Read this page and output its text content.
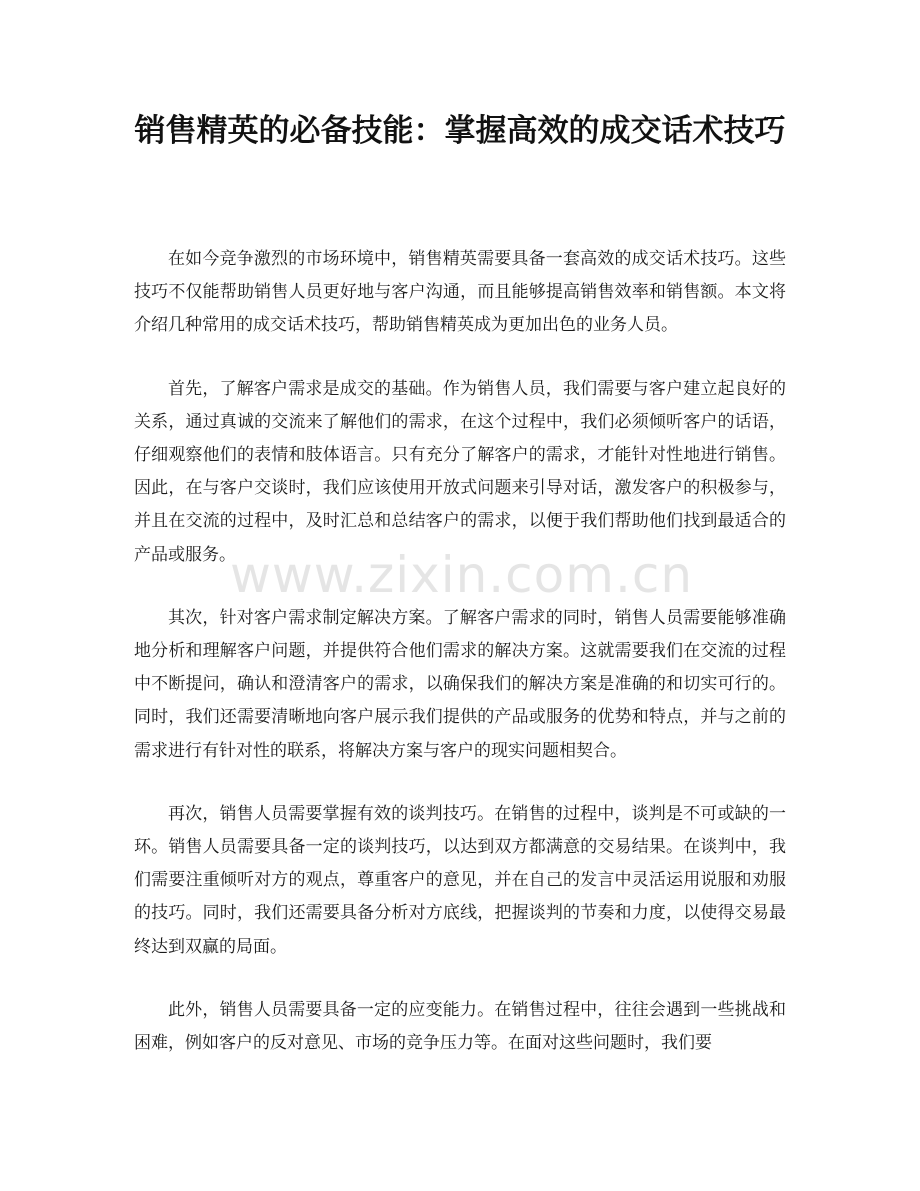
销售精英的必备技能：掌握高效的成交话术技巧

在如今竞争激烈的市场环境中，销售精英需要具备一套高效的成交话术技巧。这些技巧不仅能帮助销售人员更好地与客户沟通，而且能够提高销售效率和销售额。本文将介绍几种常用的成交话术技巧，帮助销售精英成为更加出色的业务人员。

首先，了解客户需求是成交的基础。作为销售人员，我们需要与客户建立起良好的关系，通过真诚的交流来了解他们的需求，在这个过程中，我们必须倾听客户的话语，仔细观察他们的表情和肢体语言。只有充分了解客户的需求，才能针对性地进行销售。因此，在与客户交谈时，我们应该使用开放式问题来引导对话，激发客户的积极参与，并且在交流的过程中，及时汇总和总结客户的需求，以便于我们帮助他们找到最适合的产品或服务。

其次，针对客户需求制定解决方案。了解客户需求的同时，销售人员需要能够准确地分析和理解客户问题，并提供符合他们需求的解决方案。这就需要我们在交流的过程中不断提问，确认和澄清客户的需求，以确保我们的解决方案是准确的和切实可行的。同时，我们还需要清晰地向客户展示我们提供的产品或服务的优势和特点，并与之前的需求进行有针对性的联系，将解决方案与客户的现实问题相契合。

再次，销售人员需要掌握有效的谈判技巧。在销售的过程中，谈判是不可或缺的一环。销售人员需要具备一定的谈判技巧，以达到双方都满意的交易结果。在谈判中，我们需要注重倾听对方的观点，尊重客户的意见，并在自己的发言中灵活运用说服和劝服的技巧。同时，我们还需要具备分析对方底线，把握谈判的节奏和力度，以使得交易最终达到双赢的局面。

此外，销售人员需要具备一定的应变能力。在销售过程中，往往会遇到一些挑战和困难，例如客户的反对意见、市场的竞争压力等。在面对这些问题时，我们要

www.zixin.com.cn
